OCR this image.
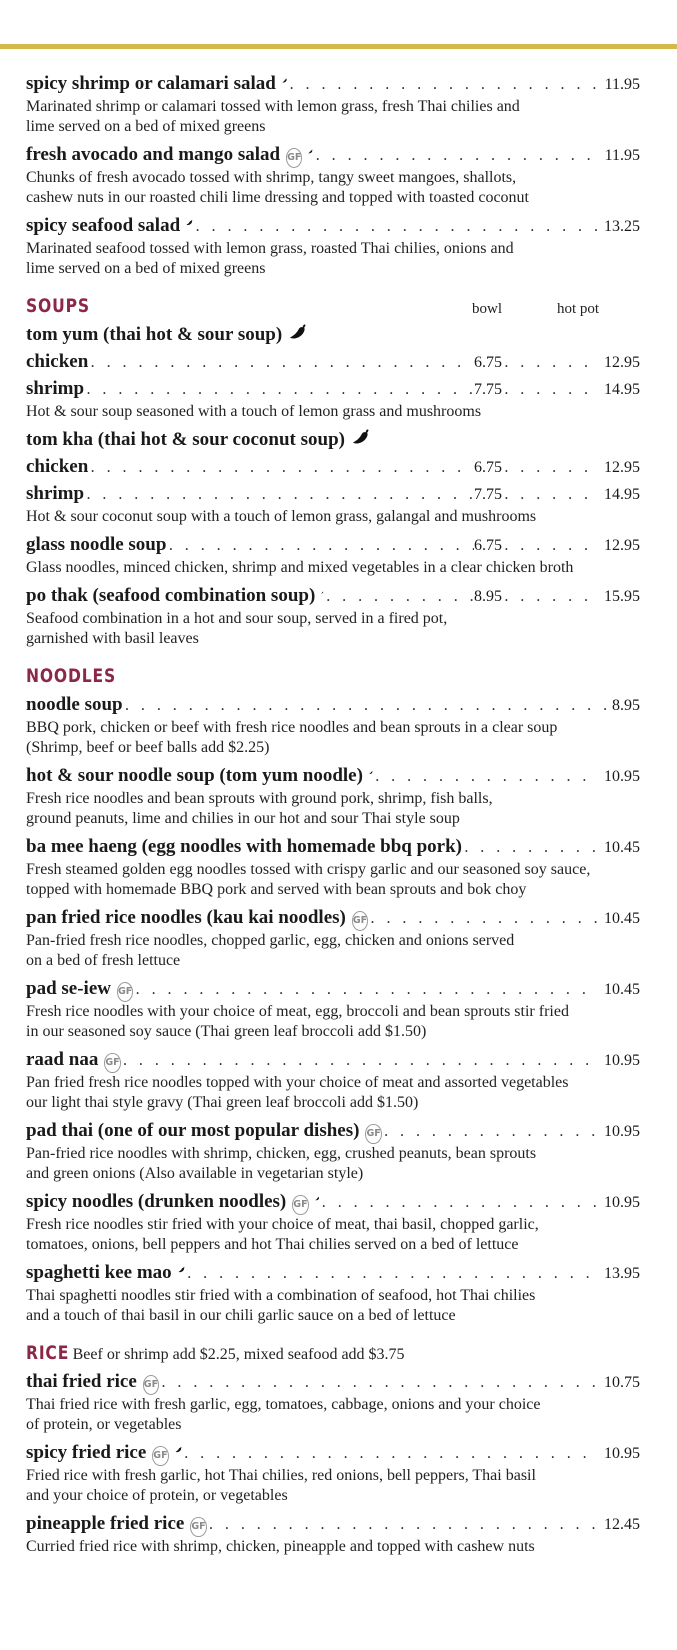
spicy shrimp or calamari salad . . .	11.95

Marinated shrimp or calamari tossed with lemon grass, fresh Thai chilies and
lime served on a bed of mixed greens

fresh avocado and mango salad GF . . .	11.95

Chunks of fresh avocado tossed with shrimp, tangy sweet mangoes, shallots,
cashew nuts in our roasted chili lime dressing and topped with toasted coconut

spicy seafood salad . . .	13.25

Marinated seafood tossed with lemon grass, roasted Thai chilies, onions and
lime served on a bed of mixed greens

SOUPS	bowl	hot pot
tom yum (thai hot & sour soup)
chicken . . .	6.75 . . .	12.95
shrimp . . .	7.75 . . .	14.95

Hot & sour soup seasoned with a touch of lemon grass and mushrooms

tom kha (thai hot & sour coconut soup)
chicken . . .	6.75 . . .	12.95
shrimp . . .	7.75 . . .	14.95

Hot & sour coconut soup with a touch of lemon grass, galangal and mushrooms

glass noodle soup . . .	6.75 . . .	12.95

Glass noodles, minced chicken, shrimp and mixed vegetables in a clear chicken broth

po thak (seafood combination soup) . . .	8.95 . . .	15.95

Seafood combination in a hot and sour soup, served in a fired pot,
garnished with basil leaves

NOODLES
noodle soup . . .	8.95

BBQ pork, chicken or beef with fresh rice noodles and bean sprouts in a clear soup
(Shrimp, beef or beef balls add $2.25)

hot & sour noodle soup (tom yum noodle) . . .	10.95

Fresh rice noodles and bean sprouts with ground pork, shrimp, fish balls,
ground peanuts, lime and chilies in our hot and sour Thai style soup

ba mee haeng (egg noodles with homemade bbq pork) . . .	10.45

Fresh steamed golden egg noodles tossed with crispy garlic and our seasoned soy sauce,
topped with homemade BBQ pork and served with bean sprouts and bok choy

pan fried rice noodles (kau kai noodles) GF . . .	10.45

Pan-fried fresh rice noodles, chopped garlic, egg, chicken and onions served
on a bed of fresh lettuce

pad se-iew GF . . .	10.45

Fresh rice noodles with your choice of meat, egg, broccoli and bean sprouts stir fried
in our seasoned soy sauce (Thai green leaf broccoli add $1.50)

raad naa GF . . .	10.95

Pan fried fresh rice noodles topped with your choice of meat and assorted vegetables
our light thai style gravy (Thai green leaf broccoli add $1.50)

pad thai (one of our most popular dishes) GF . . .	10.95

Pan-fried rice noodles with shrimp, chicken, egg, crushed peanuts, bean sprouts
and green onions (Also available in vegetarian style)

spicy noodles (drunken noodles) GF . . .	10.95

Fresh rice noodles stir fried with your choice of meat, thai basil, chopped garlic,
tomatoes, onions, bell peppers and hot Thai chilies served on a bed of lettuce

spaghetti kee mao . . .	13.95

Thai spaghetti noodles stir fried with a combination of seafood, hot Thai chilies
and a touch of thai basil in our chili garlic sauce on a bed of lettuce

RICE Beef or shrimp add $2.25, mixed seafood add $3.75
thai fried rice GF . . .	10.75

Thai fried rice with fresh garlic, egg, tomatoes, cabbage, onions and your choice
of protein, or vegetables

spicy fried rice GF . . .	10.95

Fried rice with fresh garlic, hot Thai chilies, red onions, bell peppers, Thai basil
and your choice of protein, or vegetables

pineapple fried rice GF . . .	12.45

Curried fried rice with shrimp, chicken, pineapple and topped with cashew nuts
